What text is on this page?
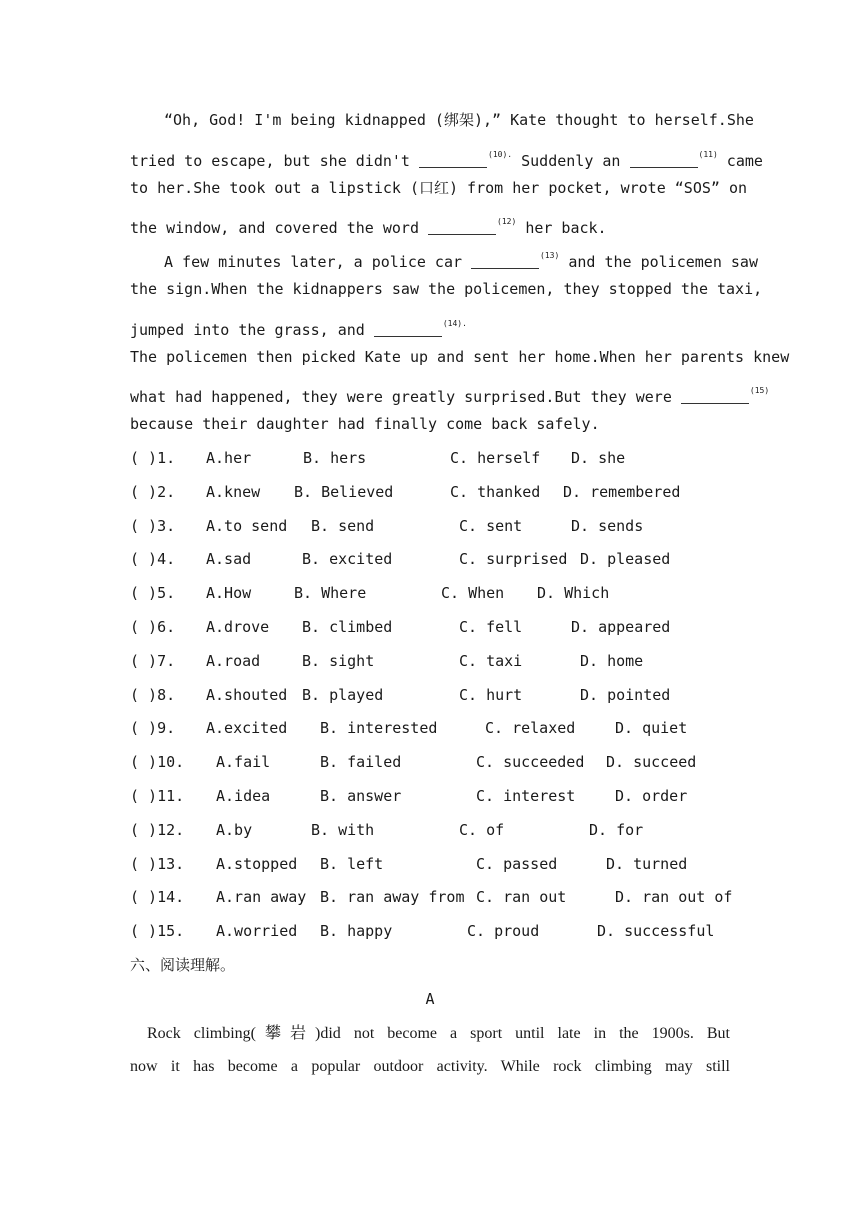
“Oh, God! I'm being kidnapped (绑架),” Kate thought to herself.She
tried to escape, but she didn't	$^{(10).}$ Suddenly an	$^{(11)}$ came
to her.She took out a lipstick (口红) from her pocket, wrote “SOS” on
the window, and covered the word	$^{(12)}$ her back.
A few minutes later, a police car	$^{(13)}$ and the policemen saw
the sign.When the kidnappers saw the policemen, they stopped the taxi,
jumped into the grass, and	$^{(14).}$
The policemen then picked Kate up and sent her home.When her parents knew
what had happened, they were greatly surprised.But they were	$^{(15)}$
because their daughter had finally come back safely.
( )1. A.her	B. hers	C. herself D. she
( )2. A.knew B. Believed	C. thanked D. remembered
( )3. A.to send B. send	C. sent	D. sends
( )4. A.sad	B. excited	C. surprised D. pleased
( )5. A.How	B. Where	C. When D. Which
( )6. A.drove B. climbed	C. fell	D. appeared
( )7. A.road	B. sight	C. taxi	D. home
( )8. A.shouted B. played	C. hurt	D. pointed
( )9. A.excited B. interested	C. relaxed	D. quiet
( )10. A.fail	B. failed	C. succeeded D. succeed
( )11. A.idea	B. answer	C. interest	D. order
( )12. A.by	B. with	C. of	D. for
( )13. A.stopped B. left	C. passed	D. turned
( )14. A.ran away B. ran away from C. ran out	D. ran out of
( )15. A.worried B. happy	C. proud	D. successful
六、阅读理解。
A
Rock climbing(攀岩)did not become a sport until late in the 1900s. But
now it has become a popular outdoor activity. While rock climbing may still
